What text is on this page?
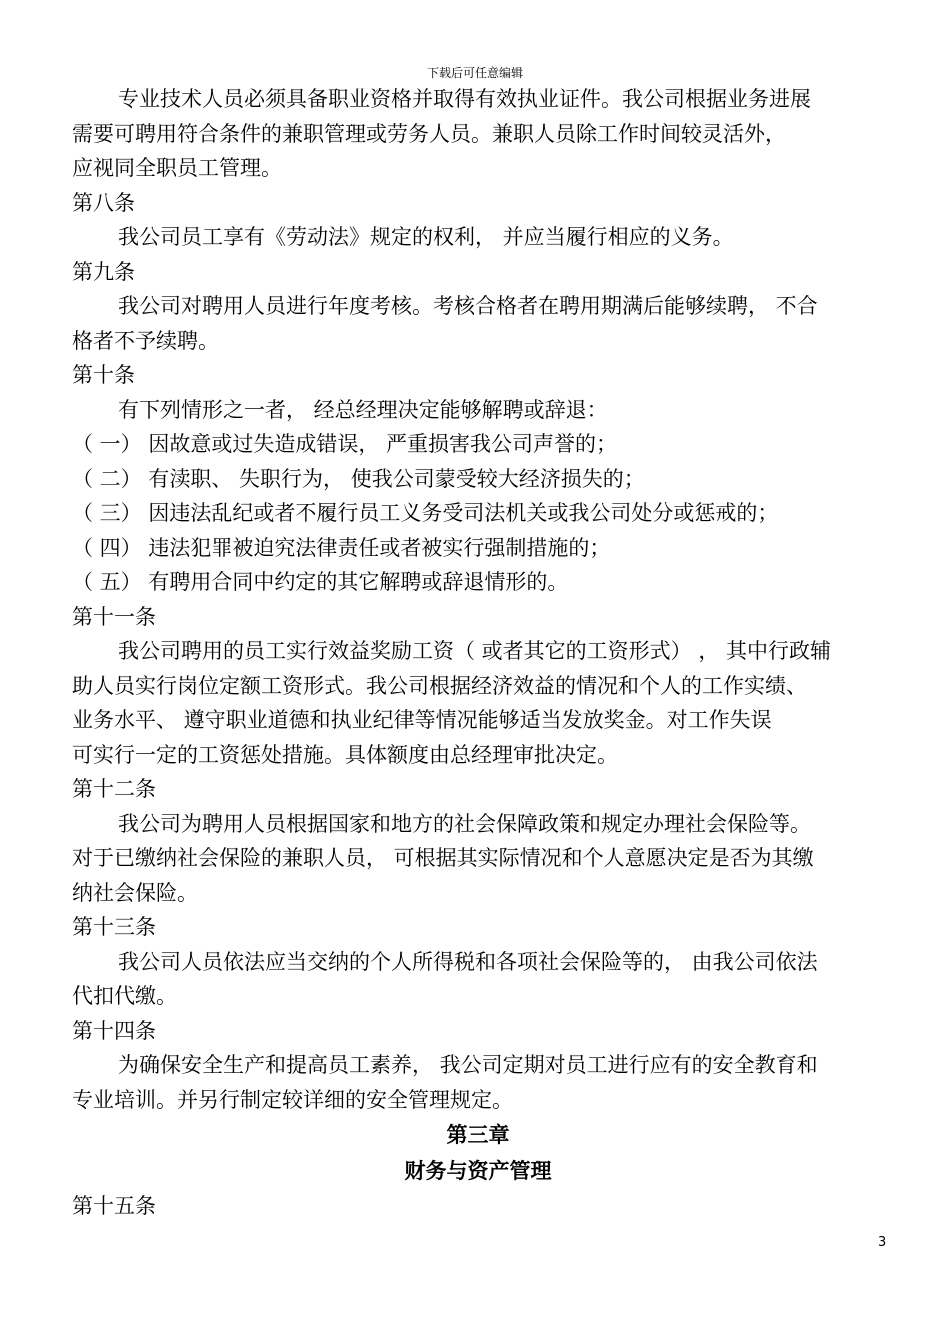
下载后可任意编辑

专业技术人员必须具备职业资格并取得有效执业证件。我公司根据业务进展

需要可聘用符合条件的兼职管理或劳务人员。兼职人员除工作时间较灵活外，

应视同全职员工管理。

第八条

我公司员工享有《劳动法》规定的权利， 并应当履行相应的义务。

第九条

我公司对聘用人员进行年度考核。考核合格者在聘用期满后能够续聘， 不合

格者不予续聘。

第十条

有下列情形之一者， 经总经理决定能够解聘或辞退：

（ 一） 因故意或过失造成错误， 严重损害我公司声誉的；

（ 二） 有渎职、 失职行为， 使我公司蒙受较大经济损失的；

（ 三） 因违法乱纪或者不履行员工义务受司法机关或我公司处分或惩戒的；

（ 四） 违法犯罪被迫究法律责任或者被实行强制措施的；

（ 五） 有聘用合同中约定的其它解聘或辞退情形的。

第十一条

我公司聘用的员工实行效益奖励工资（ 或者其它的工资形式） ， 其中行政辅

助人员实行岗位定额工资形式。我公司根据经济效益的情况和个人的工作实绩、

业务水平、 遵守职业道德和执业纪律等情况能够适当发放奖金。对工作失误

可实行一定的工资惩处措施。具体额度由总经理审批决定。

第十二条

我公司为聘用人员根据国家和地方的社会保障政策和规定办理社会保险等。

对于已缴纳社会保险的兼职人员， 可根据其实际情况和个人意愿决定是否为其缴

纳社会保险。

第十三条

我公司人员依法应当交纳的个人所得税和各项社会保险等的， 由我公司依法

代扣代缴。

第十四条

为确保安全生产和提高员工素养， 我公司定期对员工进行应有的安全教育和

专业培训。并另行制定较详细的安全管理规定。

第三章

财务与资产管理

第十五条

3
